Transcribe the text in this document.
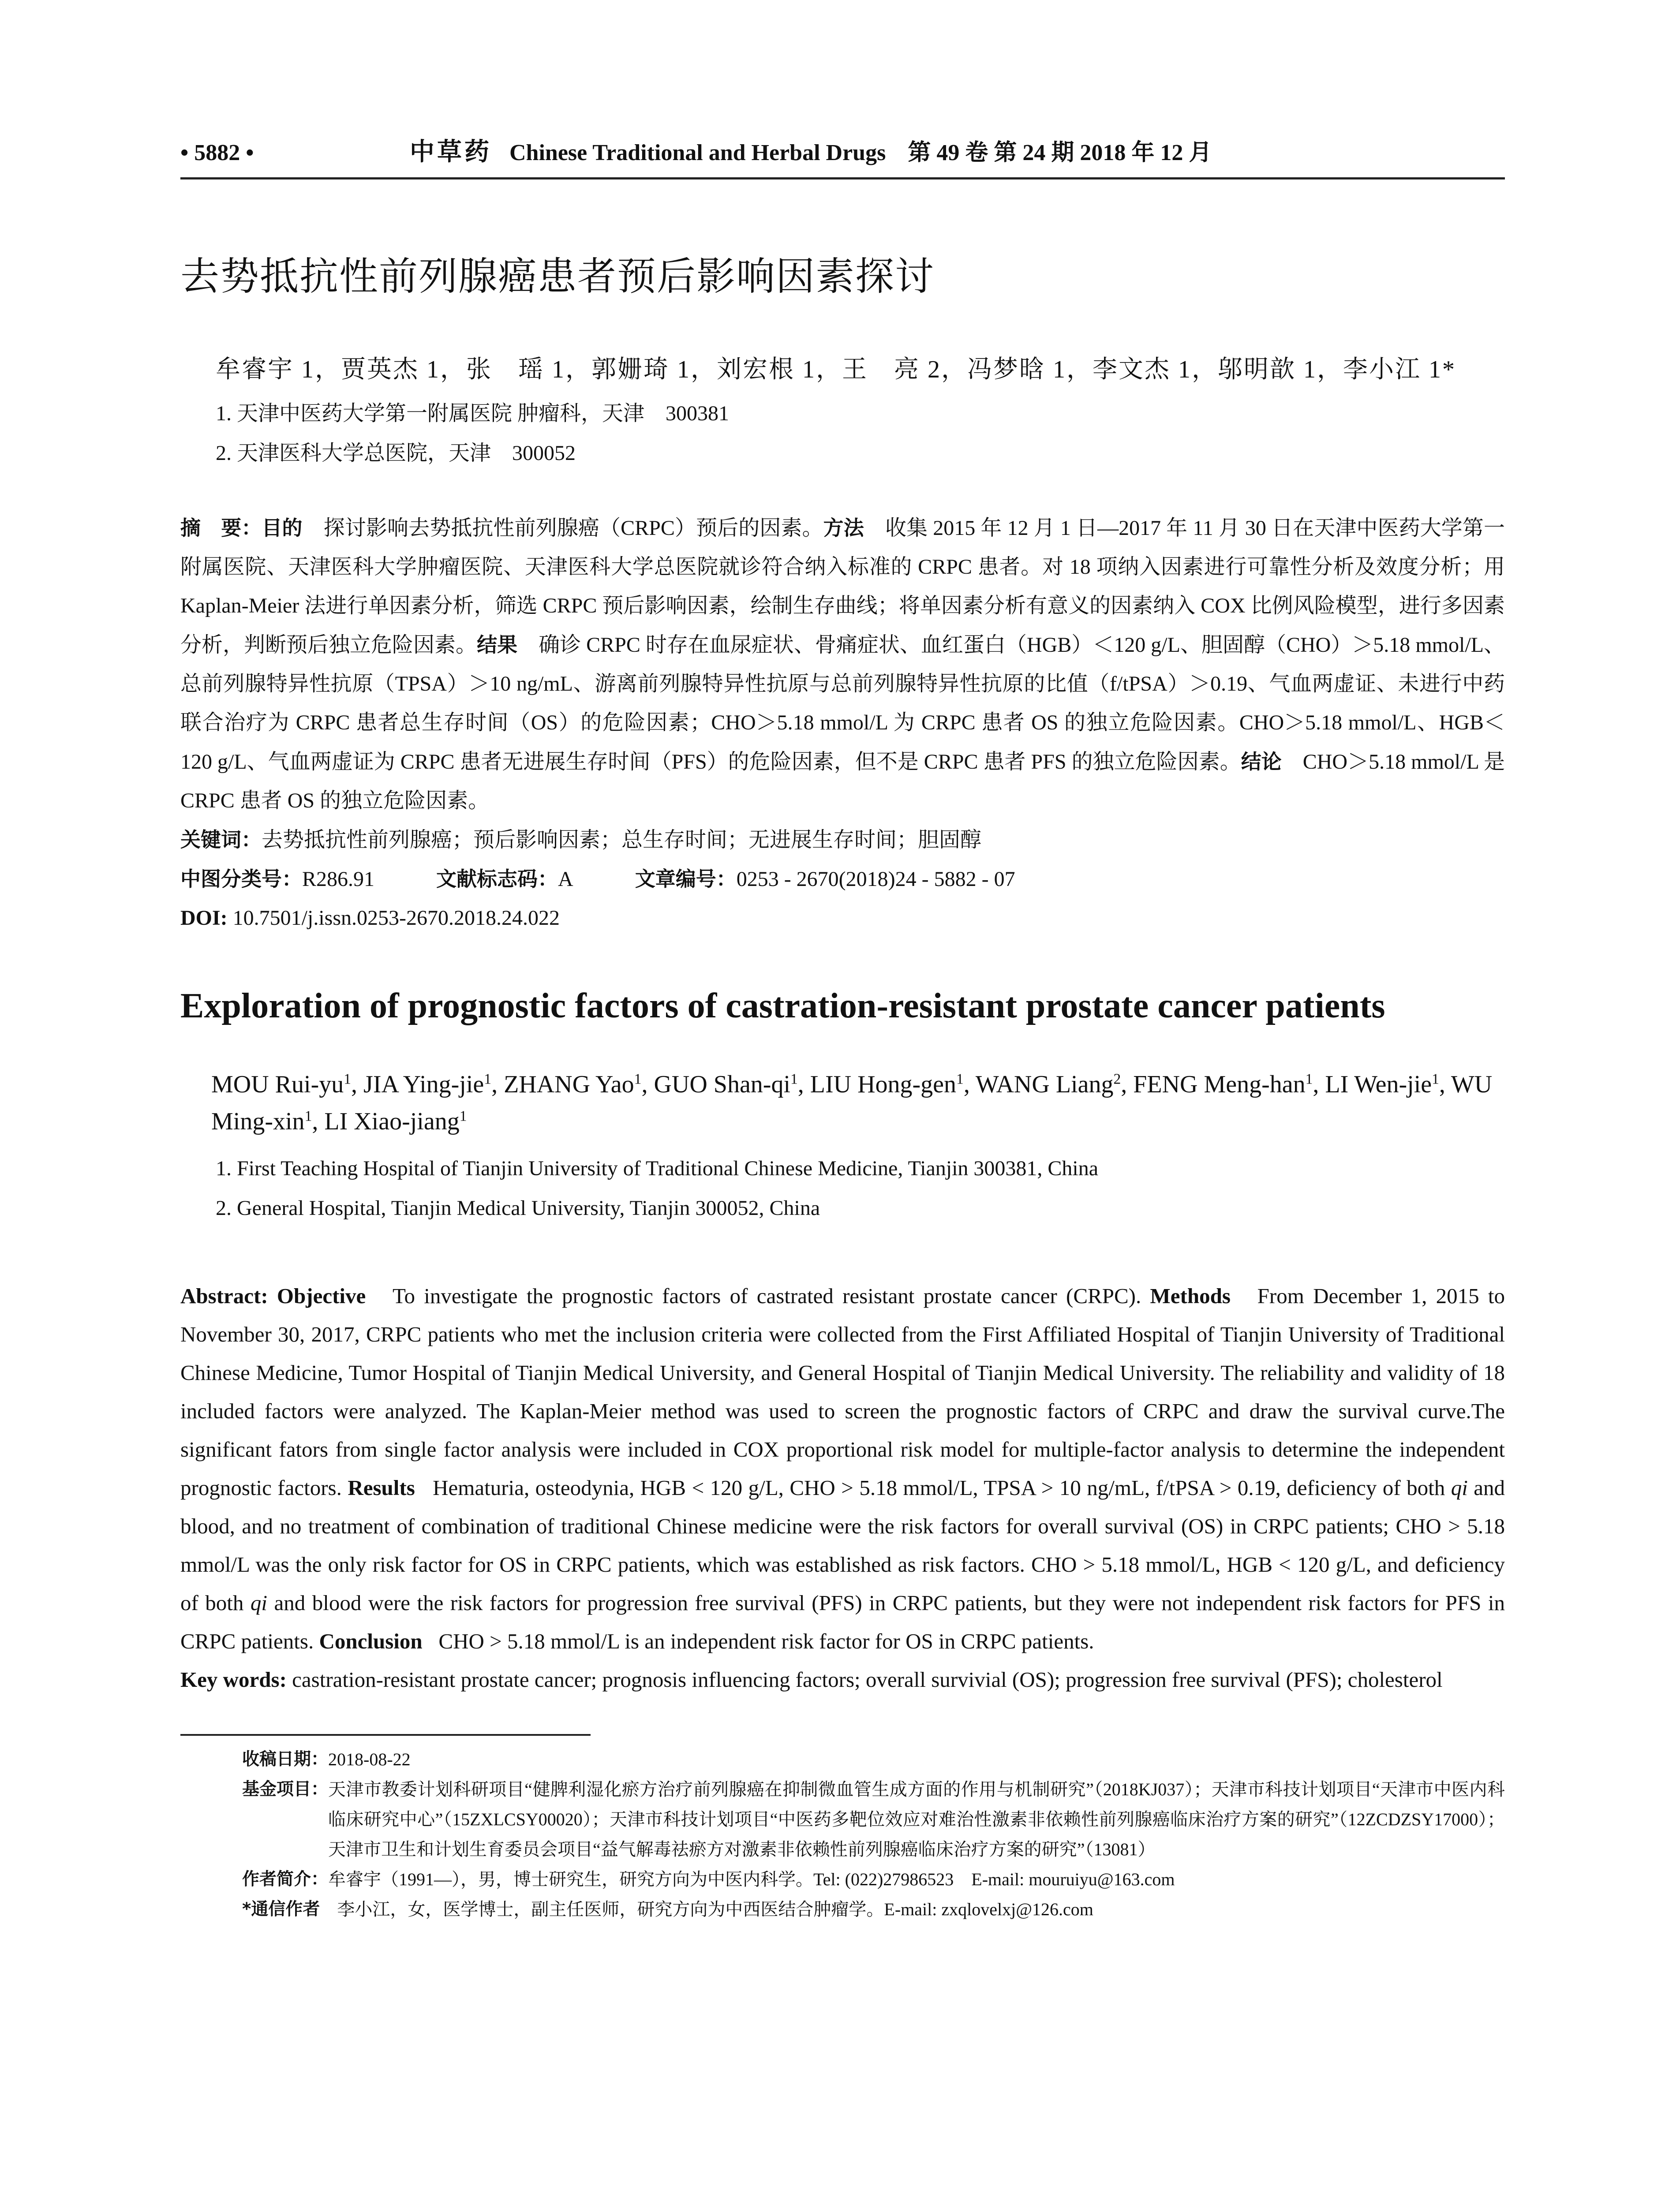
• 5882 •	中草药 Chinese Traditional and Herbal Drugs 第 49 卷 第 24 期 2018 年 12 月
去势抵抗性前列腺癌患者预后影响因素探讨
牟睿宇 1，贾英杰 1，张　瑶 1，郭姗琦 1，刘宏根 1，王　亮 2，冯梦晗 1，李文杰 1，邬明歆 1，李小江 1*
1. 天津中医药大学第一附属医院 肿瘤科，天津　300381
2. 天津医科大学总医院，天津　300052
摘　要：目的　 探讨影响去势抵抗性前列腺癌（CRPC）预后的因素。方法　 收集 2015 年 12 月 1 日—2017 年 11 月 30 日在天津中医药大学第一附属医院、天津医科大学肿瘤医院、天津医科大学总医院就诊符合纳入标准的 CRPC 患者。对 18 项纳入因素进行可靠性分析及效度分析；用 Kaplan-Meier 法进行单因素分析，筛选 CRPC 预后影响因素，绘制生存曲线；将单因素分析有意义的因素纳入 COX 比例风险模型，进行多因素分析，判断预后独立危险因素。结果　 确诊 CRPC 时存在血尿症状、骨痛症状、血红蛋白（HGB）＜120 g/L、胆固醇（CHO）＞5.18 mmol/L、总前列腺特异性抗原（TPSA）＞10 ng/mL、游离前列腺特异性抗原与总前列腺特异性抗原的比值（f/tPSA）＞0.19、气血两虚证、未进行中药联合治疗为 CRPC 患者总生存时间（OS）的危险因素；CHO＞5.18 mmol/L 为 CRPC 患者 OS 的独立危险因素。CHO＞5.18 mmol/L、HGB＜120 g/L、气血两虚证为 CRPC 患者无进展生存时间（PFS）的危险因素，但不是 CRPC 患者 PFS 的独立危险因素。结论　 CHO＞5.18 mmol/L 是 CRPC 患者 OS 的独立危险因素。
关键词：去势抵抗性前列腺癌；预后影响因素；总生存时间；无进展生存时间；胆固醇
中图分类号：R286.91	文献标志码：A	文章编号：0253 - 2670(2018)24 - 5882 - 07
DOI: 10.7501/j.issn.0253-2670.2018.24.022
Exploration of prognostic factors of castration-resistant prostate cancer patients
MOU Rui-$yu^1$, JIA Ying-jie$^1$, ZHANG Yao$^1$, GUO Shan-$qi^1$, LIU Hong-gen$^1$, WANG Liang$^2$, FENG Meng-han$^1$, LI Wen-jie$^1$, WU Ming-xin$^1$, LI Xiao-jiang$^1$
1. First Teaching Hospital of Tianjin University of Traditional Chinese Medicine, Tianjin 300381, China
2. General Hospital, Tianjin Medical University, Tianjin 300052, China
Abstract: Objective To investigate the prognostic factors of castrated resistant prostate cancer (CRPC). Methods From December 1, 2015 to November 30, 2017, CRPC patients who met the inclusion criteria were collected from the First Affiliated Hospital of Tianjin University of Traditional Chinese Medicine, Tumor Hospital of Tianjin Medical University, and General Hospital of Tianjin Medical University. The reliability and validity of 18 included factors were analyzed. The Kaplan-Meier method was used to screen the prognostic factors of CRPC and draw the survival curve.The significant fators from single factor analysis were included in COX proportional risk model for multiple-factor analysis to determine the independent prognostic factors. Results Hematuria, osteodynia, HGB < 120 g/L, CHO > 5.18 mmol/L, TPSA > 10 ng/mL, f/tPSA > 0.19, deficiency of both qi and blood, and no treatment of combination of traditional Chinese medicine were the risk factors for overall survival (OS) in CRPC patients; CHO > 5.18 mmol/L was the only risk factor for OS in CRPC patients, which was established as risk factors. CHO > 5.18 mmol/L, HGB < 120 g/L, and deficiency of both qi and blood were the risk factors for progression free survival (PFS) in CRPC patients, but they were not independent risk factors for PFS in CRPC patients. Conclusion CHO > 5.18 mmol/L is an independent risk factor for OS in CRPC patients.
Key words: castration-resistant prostate cancer; prognosis influencing factors; overall survivial (OS); progression free survival (PFS); cholesterol
收稿日期： 2018-08-22
基金项目： 天津市教委计划科研项目“健脾利湿化瘀方治疗前列腺癌在抑制微血管生成方面的作用与机制研究”（2018KJ037）；天津市科技计划项目“天津市中医内科临床研究中心”（15ZXLCSY00020）；天津市科技计划项目“中医药多靶位效应对难治性激素非依赖性前列腺癌临床治疗方案的研究”（12ZCDZSY17000）；天津市卫生和计划生育委员会项目“益气解毒祛瘀方对激素非依赖性前列腺癌临床治疗方案的研究”（13081）
作者简介： 牟睿宇（1991—），男，博士研究生，研究方向为中医内科学。Tel: (022)27986523　E-mail: mouruiyu@163.com
*通信作者　 李小江，女，医学博士，副主任医师，研究方向为中西医结合肿瘤学。E-mail: zxqlovelxj@126.com
